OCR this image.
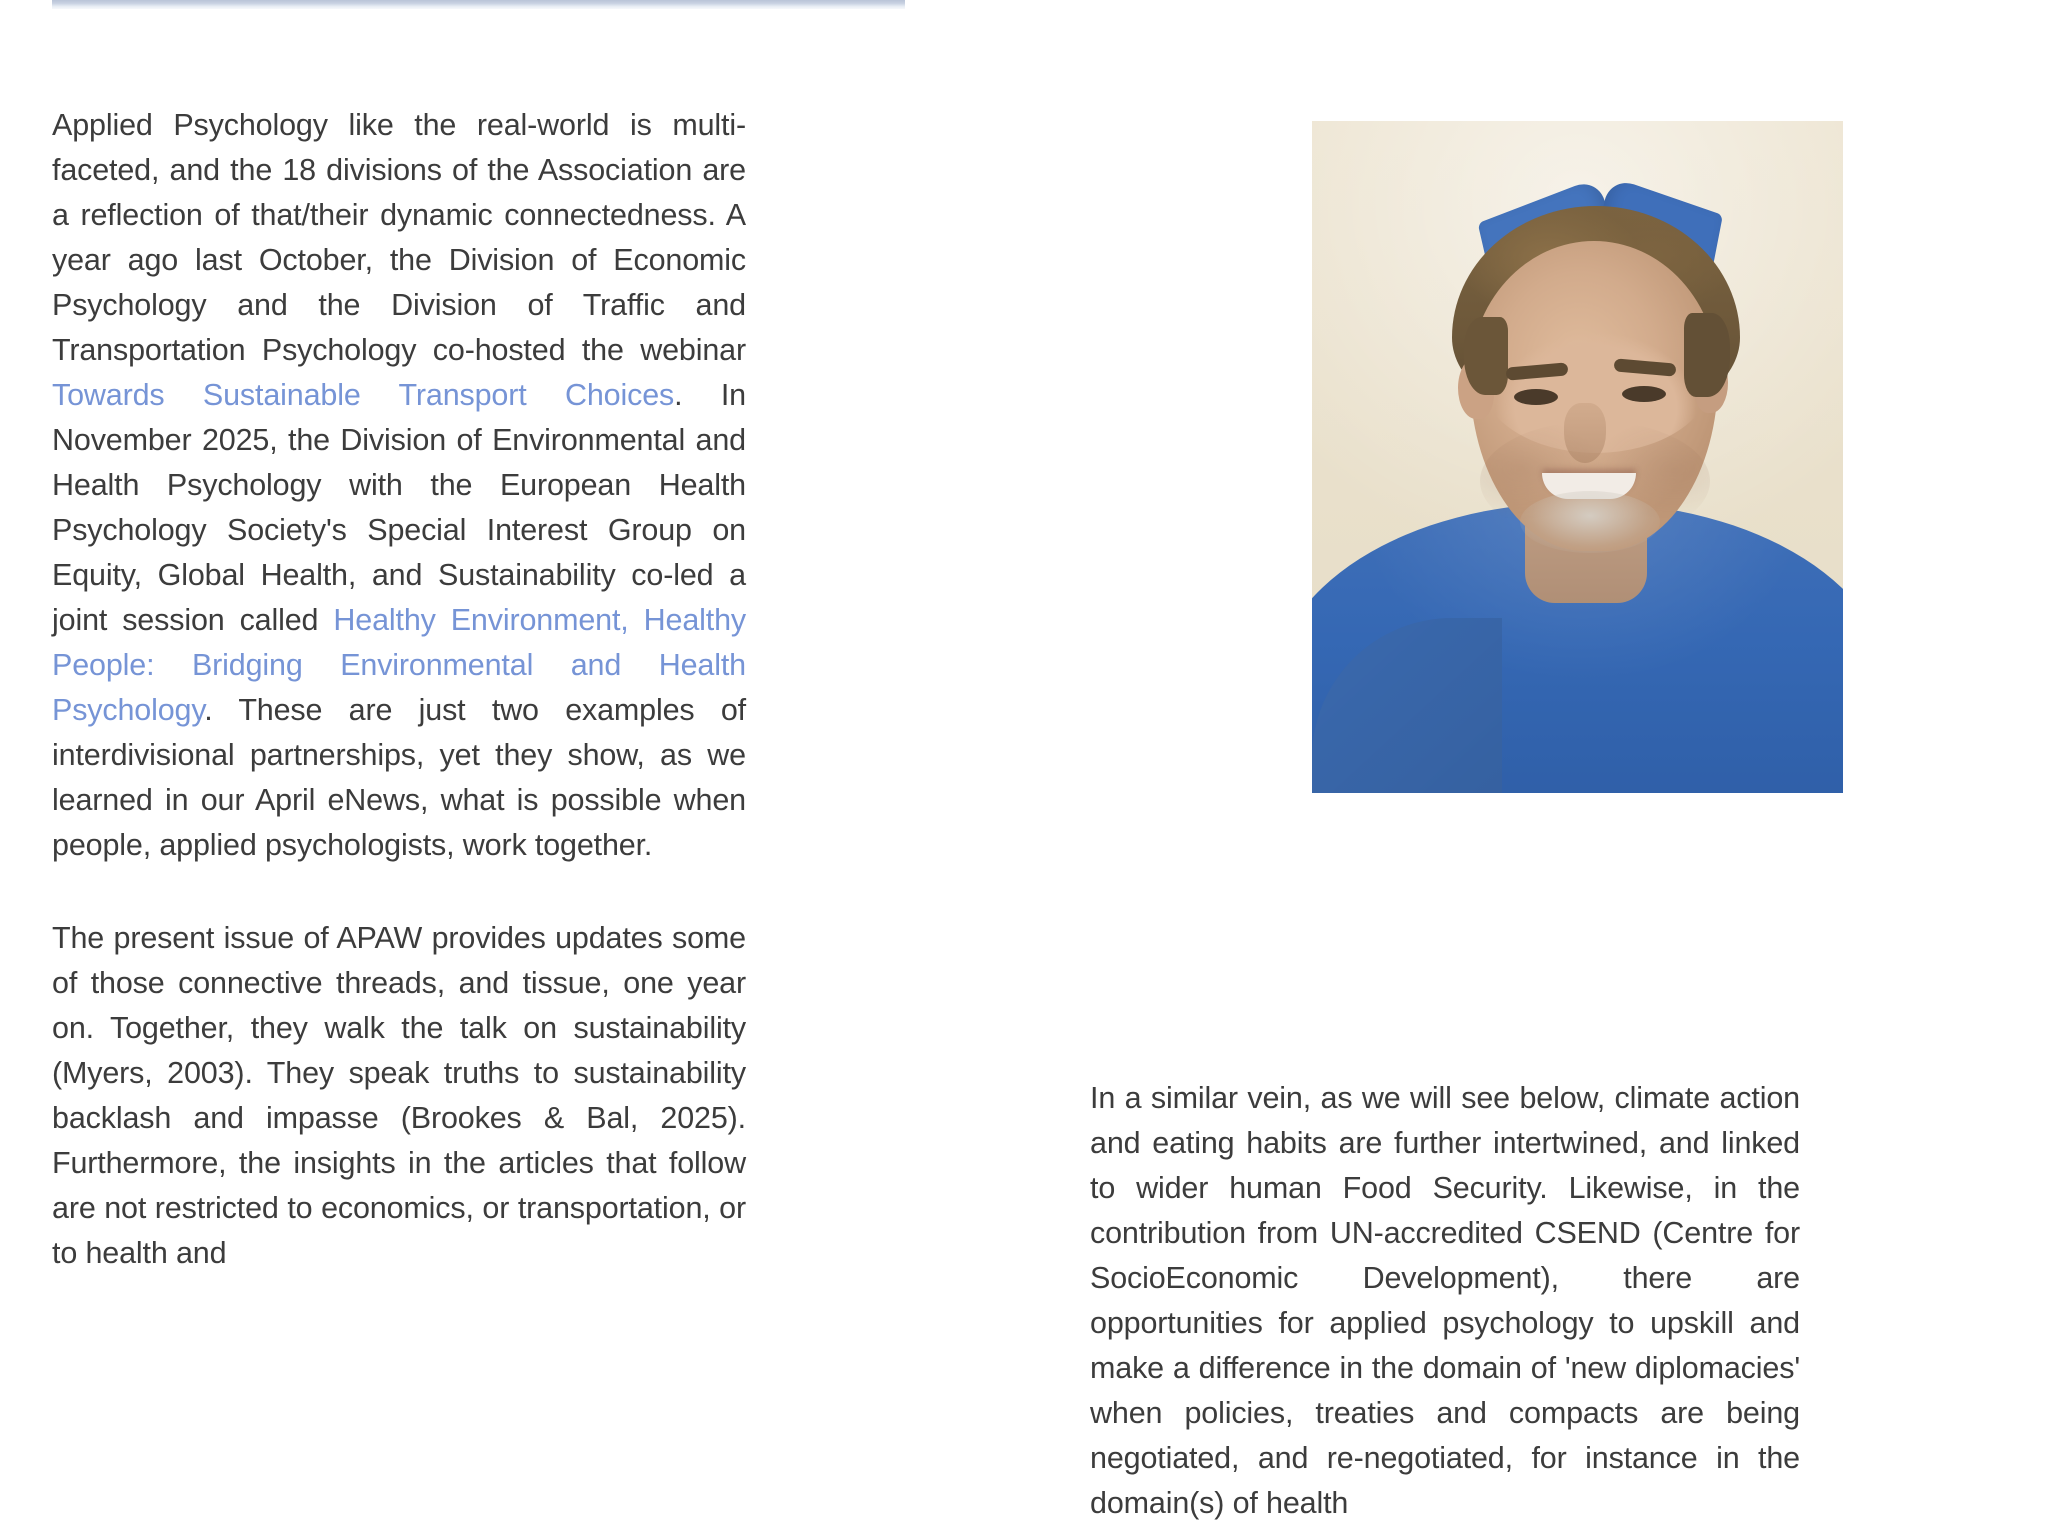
Applied Psychology like the real-world is multi-faceted, and the 18 divisions of the Association are a reflection of that/their dynamic connectedness. A year ago last October, the Division of Economic Psychology and the Division of Traffic and Transportation Psychology co-hosted the webinar Towards Sustainable Transport Choices. In November 2025, the Division of Environmental and Health Psychology with the European Health Psychology Society's Special Interest Group on Equity, Global Health, and Sustainability co-led a joint session called Healthy Environment, Healthy People: Bridging Environmental and Health Psychology. These are just two examples of interdivisional partnerships, yet they show, as we learned in our April eNews, what is possible when people, applied psychologists, work together.

The present issue of APAW provides updates some of those connective threads, and tissue, one year on. Together, they walk the talk on sustainability (Myers, 2003). They speak truths to sustainability backlash and impasse (Brookes & Bal, 2025). Furthermore, the insights in the articles that follow are not restricted to economics, or transportation, or to health and

In a similar vein, as we will see below, climate action and eating habits are further intertwined, and linked to wider human Food Security. Likewise, in the contribution from UN-accredited CSEND (Centre for SocioEconomic Development), there are opportunities for applied psychology to upskill and make a difference in the domain of 'new diplomacies' when policies, treaties and compacts are being negotiated, and re-negotiated, for instance in the domain(s) of health
